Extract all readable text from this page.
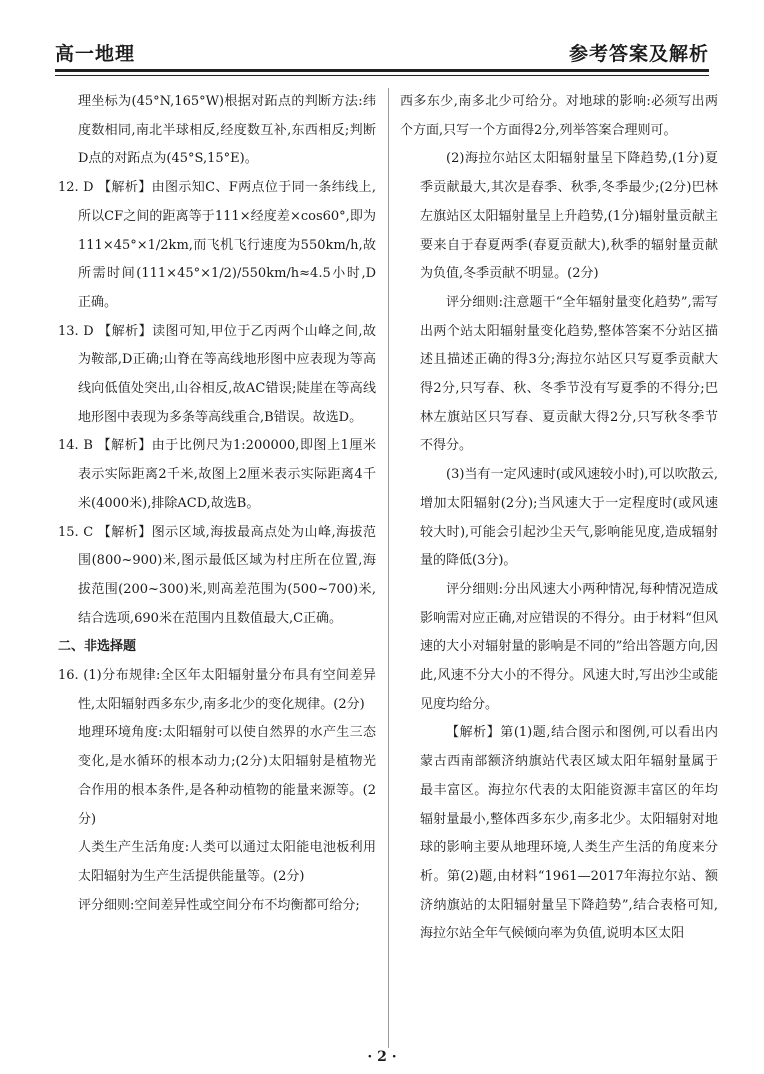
高一地理	参考答案及解析

理坐标为(45°N,165°W)根据对跖点的判断方法:纬度数相同,南北半球相反,经度数互补,东西相反;判断D点的对跖点为(45°S,15°E)。

12. D 【解析】由图示知C、F两点位于同一条纬线上,所以CF之间的距离等于111×经度差×cos60°,即为111×45°×1/2km,而飞机飞行速度为550km/h,故所需时间(111×45°×1/2)/550km/h≈4.5小时,D正确。

13. D 【解析】读图可知,甲位于乙丙两个山峰之间,故为鞍部,D正确;山脊在等高线地形图中应表现为等高线向低值处突出,山谷相反,故AC错误;陡崖在等高线地形图中表现为多条等高线重合,B错误。故选D。

14. B 【解析】由于比例尺为1:200000,即图上1厘米表示实际距离2千米,故图上2厘米表示实际距离4千米(4000米),排除ACD,故选B。

15. C 【解析】图示区域,海拔最高点处为山峰,海拔范围(800~900)米,图示最低区域为村庄所在位置,海拔范围(200~300)米,则高差范围为(500~700)米,结合选项,690米在范围内且数值最大,C正确。

二、非选择题

16. (1)分布规律:全区年太阳辐射量分布具有空间差异性,太阳辐射西多东少,南多北少的变化规律。(2分)

地理环境角度:太阳辐射可以使自然界的水产生三态变化,是水循环的根本动力;(2分)太阳辐射是植物光合作用的根本条件,是各种动植物的能量来源等。(2分)

人类生产生活角度:人类可以通过太阳能电池板利用太阳辐射为生产生活提供能量等。(2分)

评分细则:空间差异性或空间分布不均衡都可给分;

西多东少,南多北少可给分。对地球的影响:必须写出两个方面,只写一个方面得2分,列举答案合理则可。

(2)海拉尔站区太阳辐射量呈下降趋势,(1分)夏季贡献最大,其次是春季、秋季,冬季最少;(2分)巴林左旗站区太阳辐射量呈上升趋势,(1分)辐射量贡献主要来自于春夏两季(春夏贡献大),秋季的辐射量贡献为负值,冬季贡献不明显。(2分)

评分细则:注意题干“全年辐射量变化趋势”,需写出两个站太阳辐射量变化趋势,整体答案不分站区描述且描述正确的得3分;海拉尔站区只写夏季贡献大得2分,只写春、秋、冬季节没有写夏季的不得分;巴林左旗站区只写春、夏贡献大得2分,只写秋冬季节不得分。

(3)当有一定风速时(或风速较小时),可以吹散云,增加太阳辐射(2分);当风速大于一定程度时(或风速较大时),可能会引起沙尘天气,影响能见度,造成辐射量的降低(3分)。

评分细则:分出风速大小两种情况,每种情况造成影响需对应正确,对应错误的不得分。由于材料“但风速的大小对辐射量的影响是不同的”给出答题方向,因此,风速不分大小的不得分。风速大时,写出沙尘或能见度均给分。

【解析】第(1)题,结合图示和图例,可以看出内蒙古西南部额济纳旗站代表区域太阳年辐射量属于最丰富区。海拉尔代表的太阳能资源丰富区的年均辐射量最小,整体西多东少,南多北少。太阳辐射对地球的影响主要从地理环境,人类生产生活的角度来分析。第(2)题,由材料“1961—2017年海拉尔站、额济纳旗站的太阳辐射量呈下降趋势”,结合表格可知,海拉尔站全年气候倾向率为负值,说明本区太阳

· 2 ·
